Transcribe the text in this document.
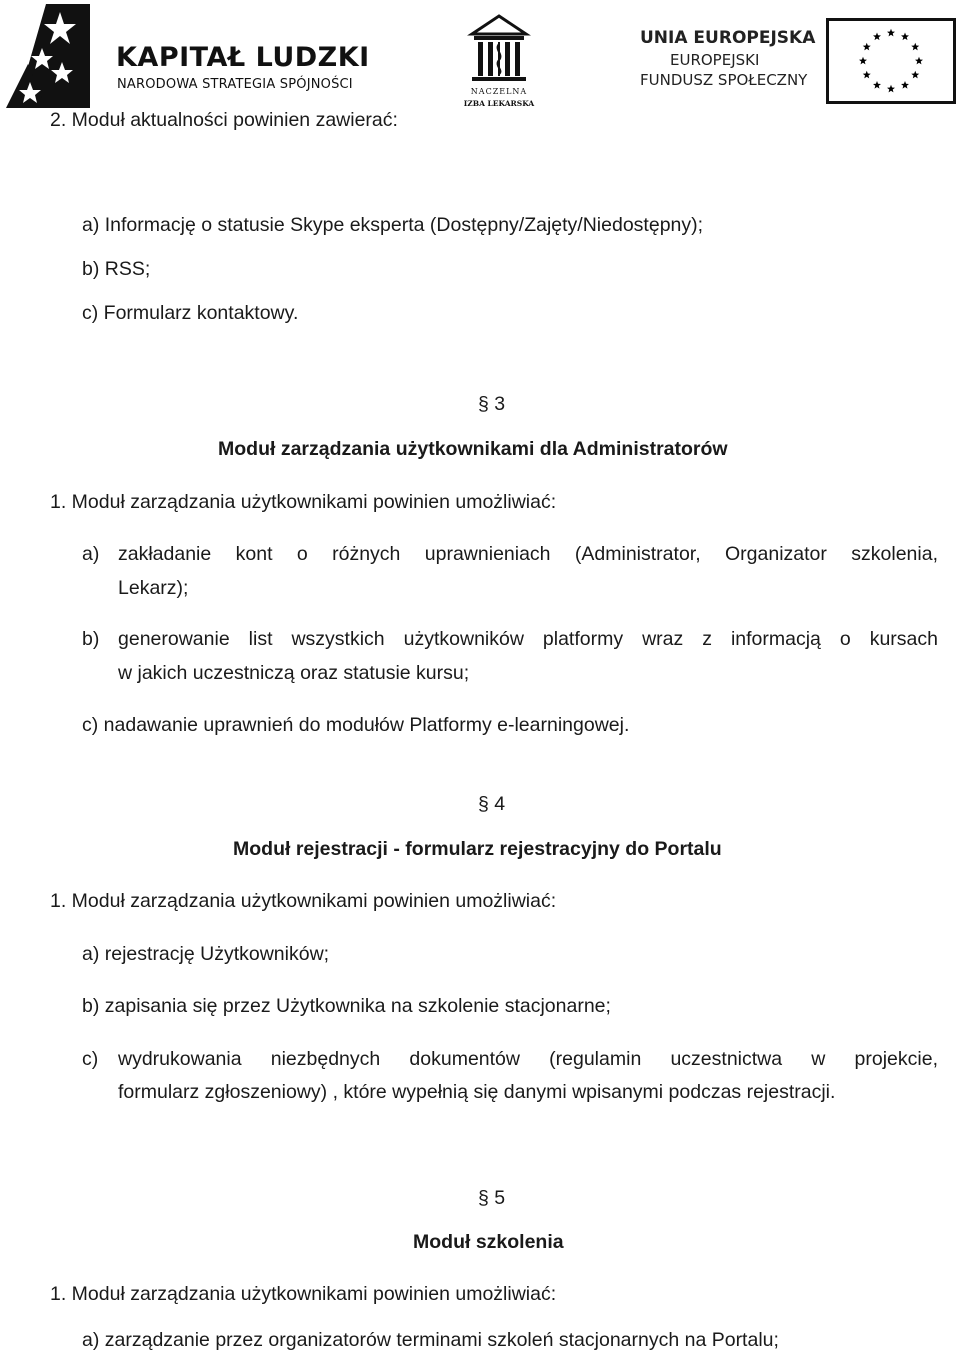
KAPITAŁ LUDZKI
NARODOWA STRATEGIA SPÓJNOŚCI	NACZELNA
IZBA LEKARSKA
UNIA EUROPEJSKA
EUROPEJSKI
FUNDUSZ SPOŁECZNY
2. Moduł aktualności powinien zawierać:
a) Informację o statusie Skype eksperta (Dostępny/Zajęty/Niedostępny);
b) RSS;
c) Formularz kontaktowy.
§ 3
Moduł zarządzania użytkownikami dla Administratorów
1. Moduł zarządzania użytkownikami powinien umożliwiać:
a) zakładanie kont o różnych uprawnieniach (Administrator, Organizator szkolenia,
Lekarz);
b) generowanie list wszystkich użytkowników platformy wraz z informacją o kursach
w jakich uczestniczą oraz statusie kursu;
c) nadawanie uprawnień do modułów Platformy e-learningowej.
§ 4
Moduł rejestracji - formularz rejestracyjny do Portalu
1. Moduł zarządzania użytkownikami powinien umożliwiać:
a) rejestrację Użytkowników;
b) zapisania się przez Użytkownika na szkolenie stacjonarne;
c) wydrukowania niezbędnych dokumentów (regulamin uczestnictwa w projekcie,
formularz zgłoszeniowy) , które wypełnią się danymi wpisanymi podczas rejestracji.
§ 5
Moduł szkolenia
1. Moduł zarządzania użytkownikami powinien umożliwiać:
a) zarządzanie przez organizatorów terminami szkoleń stacjonarnych na Portalu;
